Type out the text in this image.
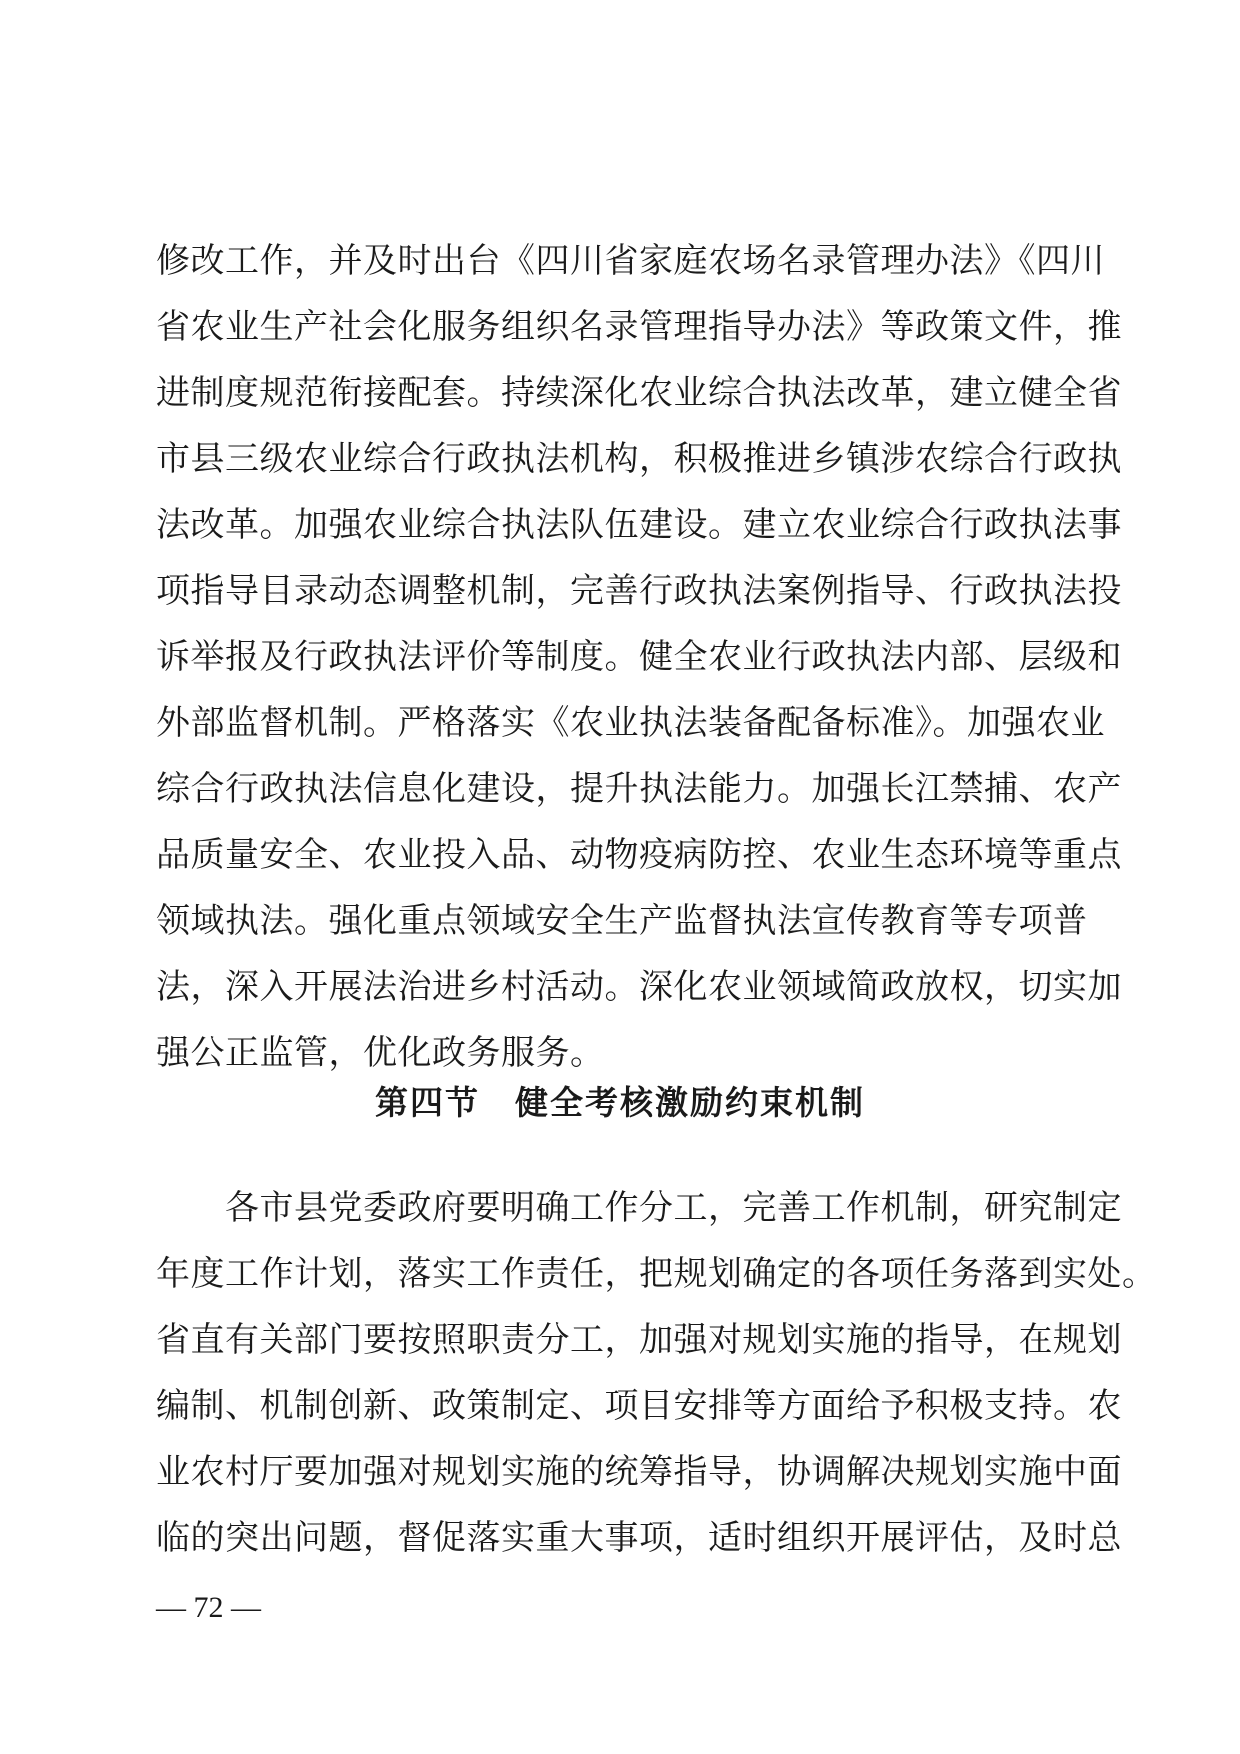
修改工作，并及时出台《四川省家庭农场名录管理办法》《四川
省农业生产社会化服务组织名录管理指导办法》等政策文件，推
进制度规范衔接配套。持续深化农业综合执法改革，建立健全省
市县三级农业综合行政执法机构，积极推进乡镇涉农综合行政执
法改革。加强农业综合执法队伍建设。建立农业综合行政执法事
项指导目录动态调整机制，完善行政执法案例指导、行政执法投
诉举报及行政执法评价等制度。健全农业行政执法内部、层级和
外部监督机制。严格落实《农业执法装备配备标准》。加强农业
综合行政执法信息化建设，提升执法能力。加强长江禁捕、农产
品质量安全、农业投入品、动物疫病防控、农业生态环境等重点
领域执法。强化重点领域安全生产监督执法宣传教育等专项普
法，深入开展法治进乡村活动。深化农业领域简政放权，切实加
强公正监管，优化政务服务。
第四节　健全考核激励约束机制
　　各市县党委政府要明确工作分工，完善工作机制，研究制定
年度工作计划，落实工作责任，把规划确定的各项任务落到实处。
省直有关部门要按照职责分工，加强对规划实施的指导，在规划
编制、机制创新、政策制定、项目安排等方面给予积极支持。农
业农村厅要加强对规划实施的统筹指导，协调解决规划实施中面
临的突出问题，督促落实重大事项，适时组织开展评估，及时总
— 72 —
